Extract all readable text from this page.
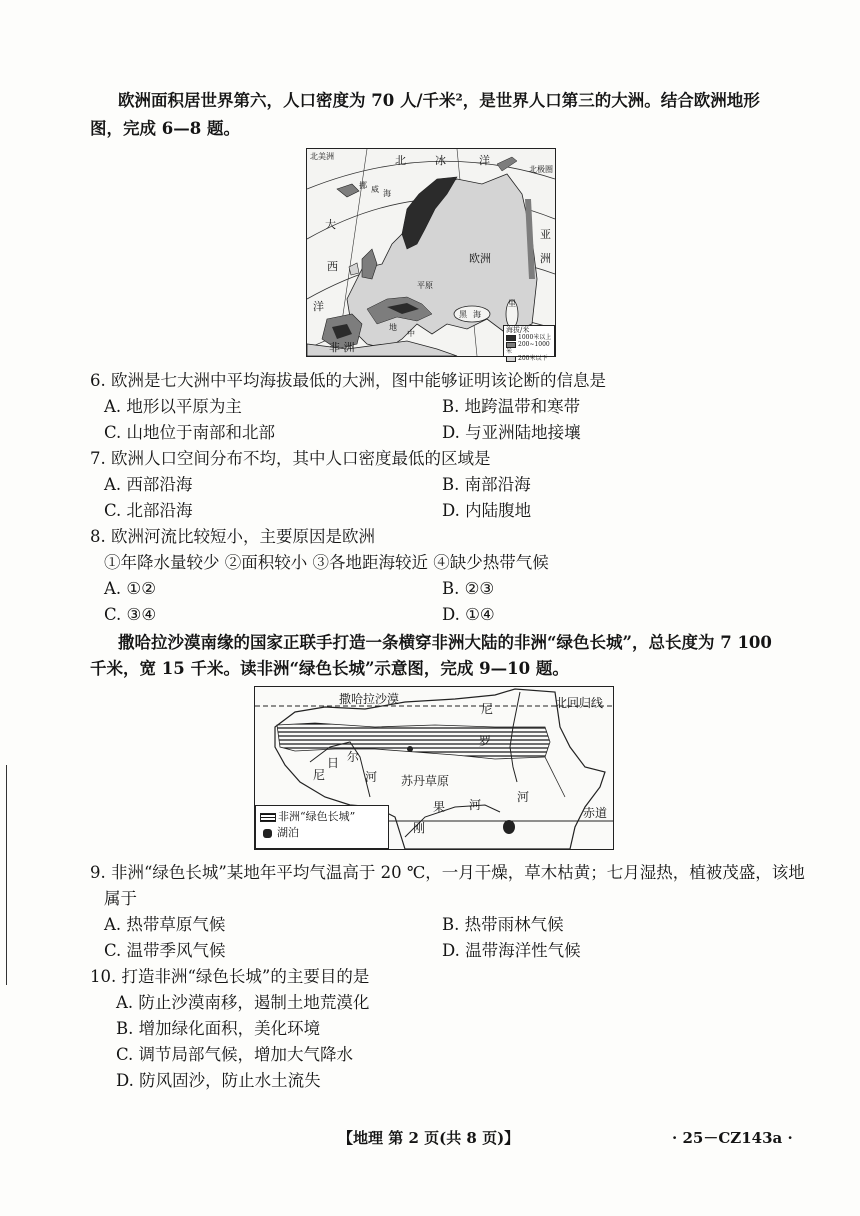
欧洲面积居世界第六，人口密度为 70 人/千米²，是世界人口第三的大洲。结合欧洲地形
图，完成 6—8 题。
北美洲	北	冰	洋
北极圈
挪 威 海
大
西
洋
欧洲
亚
洲
平原
黑 海
里
地
中
非 洲
海拔/米
1000米以上
200~1000米
200米以下
6. 欧洲是七大洲中平均海拔最低的大洲，图中能够证明该论断的信息是
A. 地形以平原为主	B. 地跨温带和寒带
C. 山地位于南部和北部	D. 与亚洲陆地接壤
7. 欧洲人口空间分布不均，其中人口密度最低的区域是
A. 西部沿海	B. 南部沿海
C. 北部沿海	D. 内陆腹地
8. 欧洲河流比较短小，主要原因是欧洲
①年降水量较少 ②面积较小 ③各地距海较近 ④缺少热带气候
A. ①②	B. ②③
C. ③④	D. ①④
撒哈拉沙漠南缘的国家正联手打造一条横穿非洲大陆的非洲“绿色长城”，总长度为 7 100
千米，宽 15 千米。读非洲“绿色长城”示意图，完成 9—10 题。
撒哈拉沙漠	北回归线
尼
罗
河
尼
日 尔
河 苏丹草原
果 河
刚
赤道
非洲“绿色长城”
湖泊
9. 非洲“绿色长城”某地年平均气温高于 20 ℃，一月干燥，草木枯黄；七月湿热，植被茂盛，该地
属于
A. 热带草原气候	B. 热带雨林气候
C. 温带季风气候	D. 温带海洋性气候
10. 打造非洲“绿色长城”的主要目的是
A. 防止沙漠南移，遏制土地荒漠化
B. 增加绿化面积，美化环境
C. 调节局部气候，增加大气降水
D. 防风固沙，防止水土流失
【地理 第 2 页(共 8 页)】	· 25－CZ143a ·
